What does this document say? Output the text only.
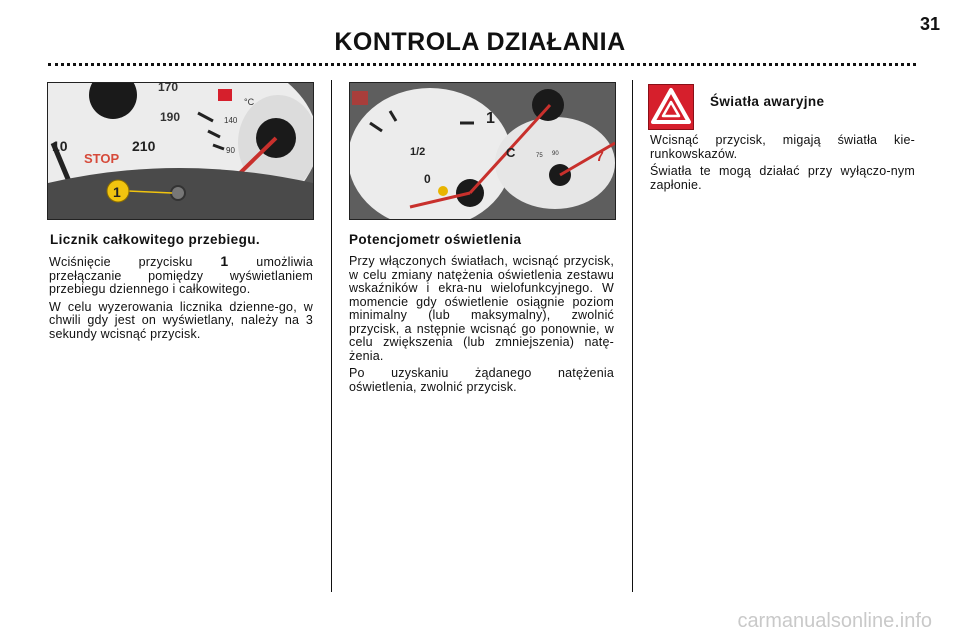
KONTROLA DZIAŁANIA
31
170
190
210
10
140
90
°C
STOP
1
1
1/2
0
C	7
75 90
Licznik całkowitego przebiegu.	Potencjometr oświetlenia
Światła awaryjne

Wciśnięcie przycisku 1 umożliwia przełączanie pomiędzy wyświetlaniem przebiegu dziennego i całkowitego.

W celu wyzerowania licznika dzienne-go, w chwili gdy jest on wyświetlany, należy na 3 sekundy wcisnąć przycisk.

Przy włączonych światłach, wcisnąć przycisk, w celu zmiany natężenia oświetlenia zestawu wskaźników i ekra-nu wielofunkcyjnego. W momencie gdy oświetlenie osiągnie poziom minimalny (lub maksymalny), zwolnić przycisk, a nstępnie wcisnąć go ponownie, w celu zwiększenia (lub zmniejszenia) natę-żenia.

Po uzyskaniu żądanego natężenia oświetlenia, zwolnić przycisk.

Wcisnąć przycisk, migają światła kie-runkowskazów.

Światła te mogą działać przy wyłączo-nym zapłonie.

carmanualsonline.info
